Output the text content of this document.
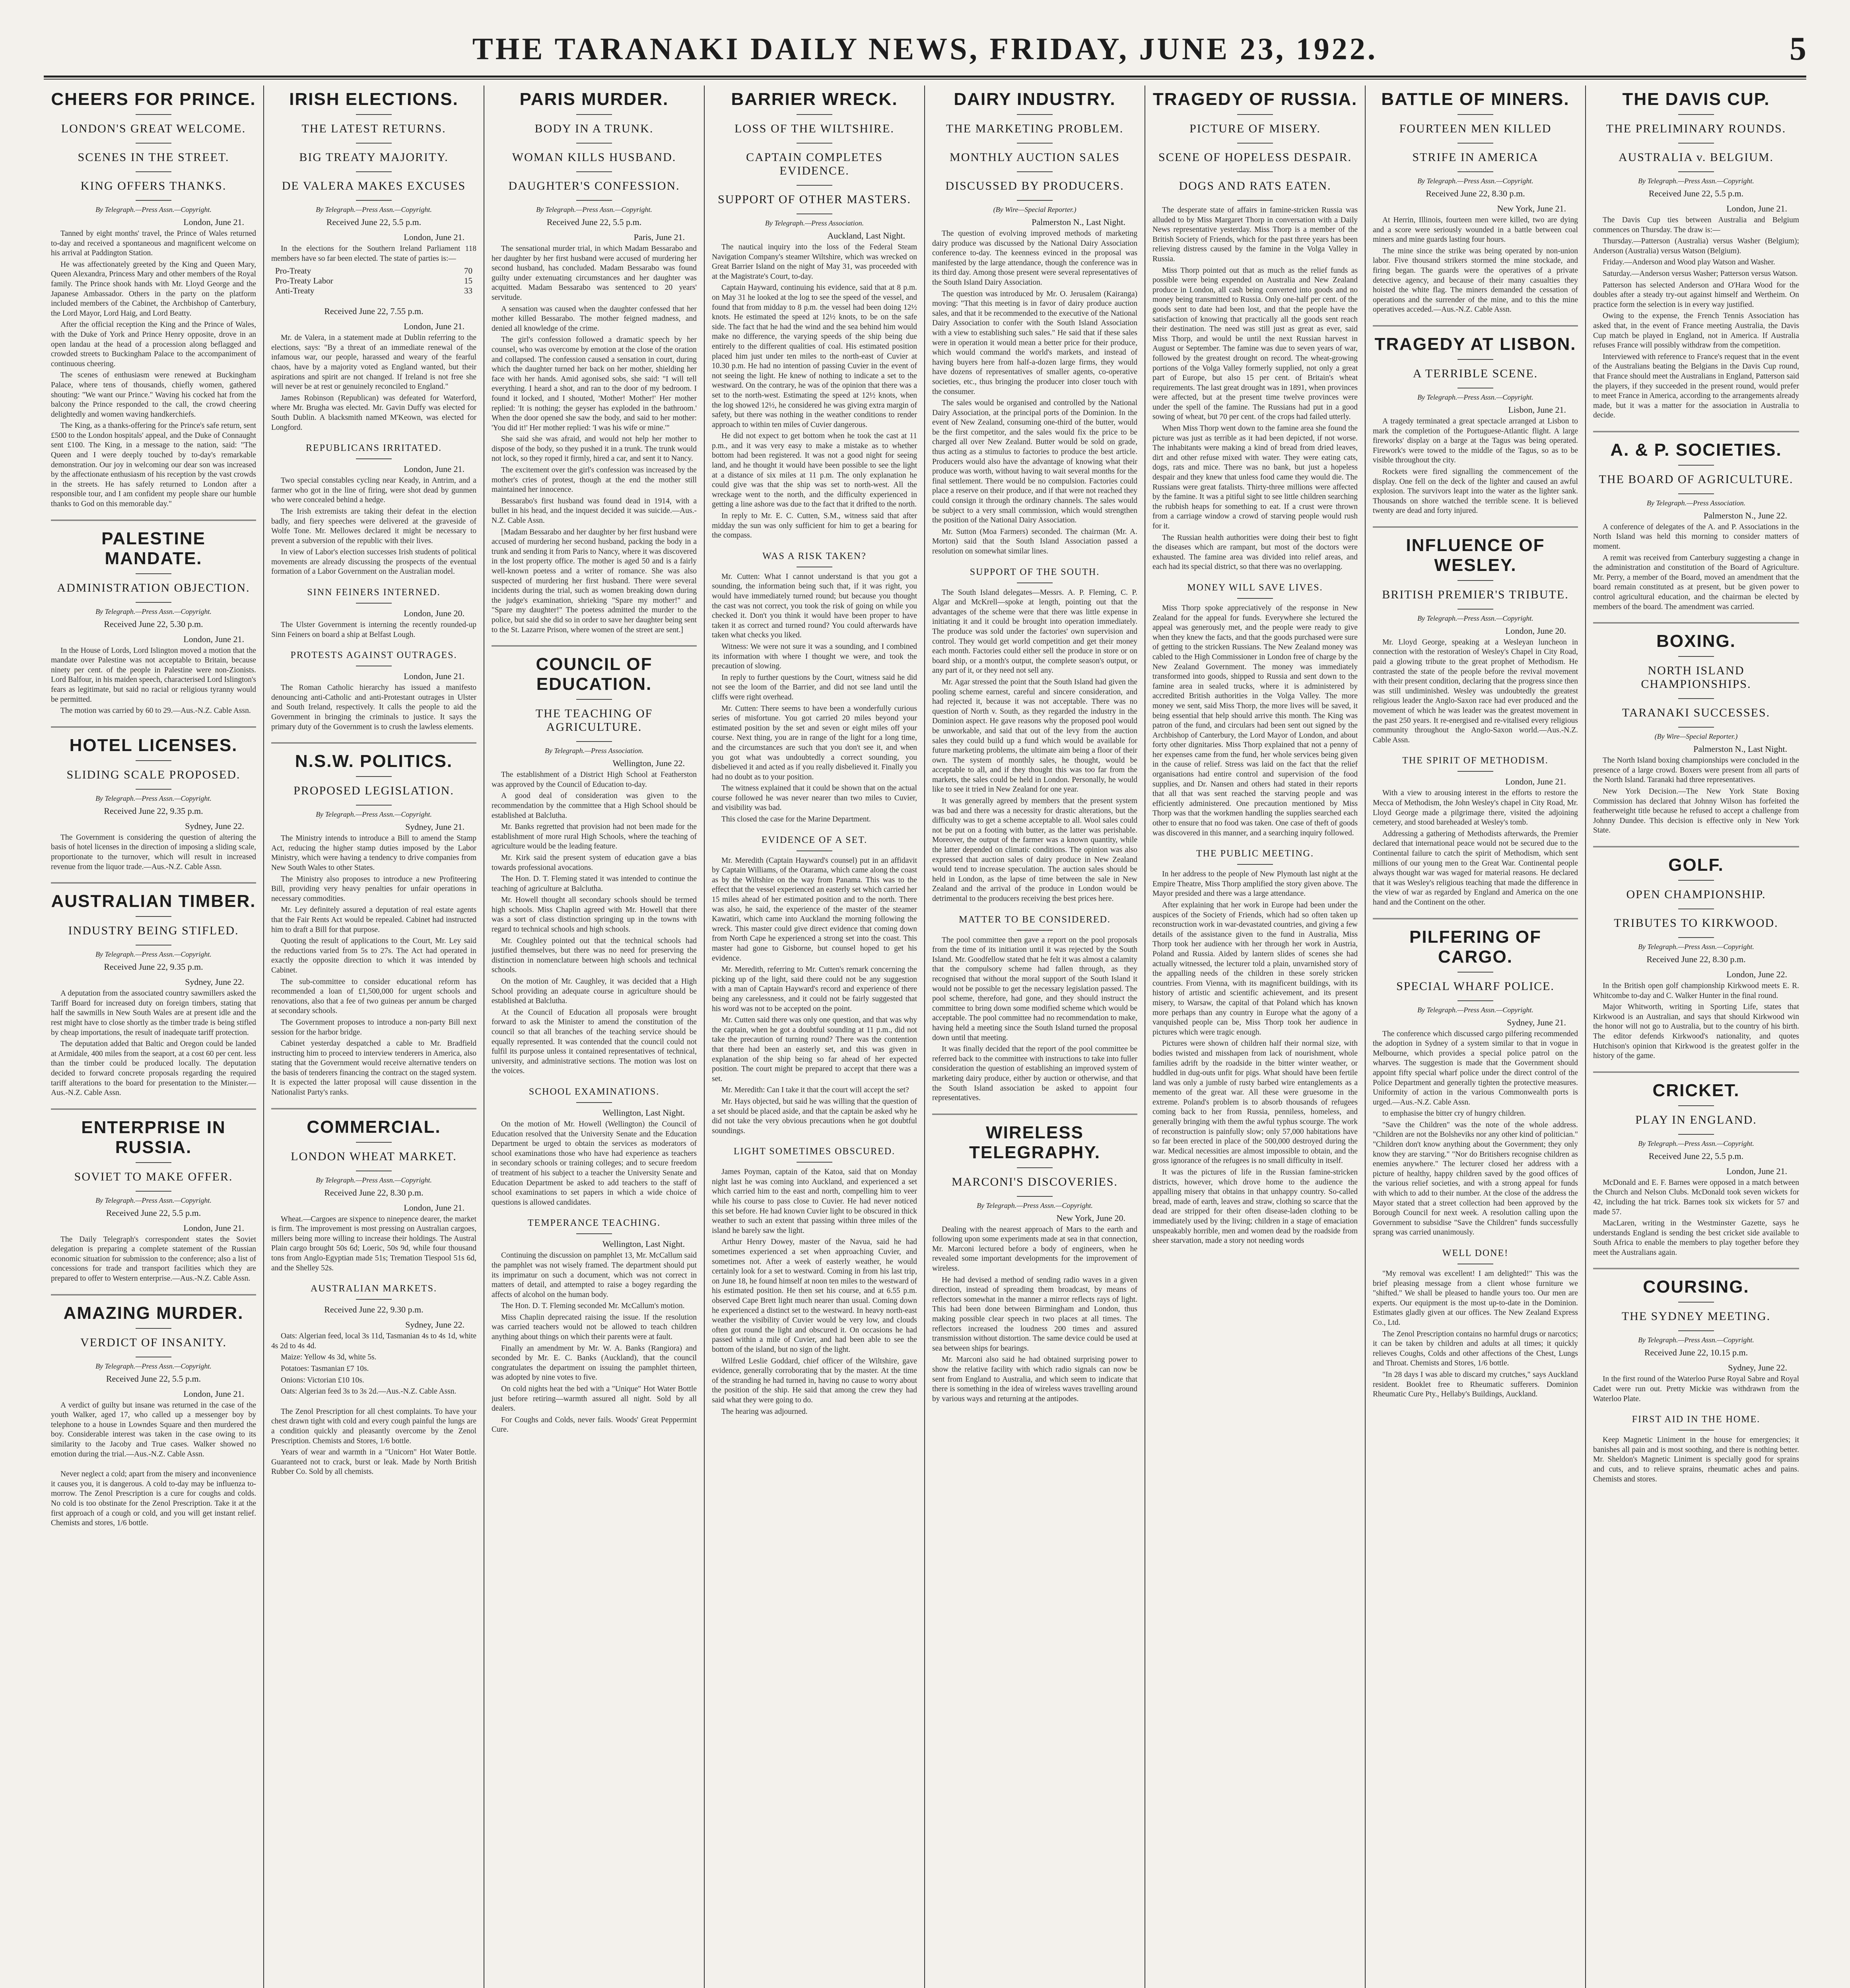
THE TARANAKI DAILY NEWS, FRIDAY, JUNE 23, 1922.	5
CHEERS FOR PRINCE.
LONDON'S GREAT WELCOME.
SCENES IN THE STREET.
KING OFFERS THANKS.
By Telegraph.—Press Assn.—Copyright.
London, June 21.

Tanned by eight months' travel, the Prince of Wales returned to-day and received a spontaneous and magnificent welcome on his arrival at Paddington Station.

He was affectionately greeted by the King and Queen Mary, Queen Alexandra, Princess Mary and other members of the Royal family. The Prince shook hands with Mr. Lloyd George and the Japanese Ambassador. Others in the party on the platform included members of the Cabinet, the Archbishop of Canterbury, the Lord Mayor, Lord Haig, and Lord Beatty.

After the official reception the King and the Prince of Wales, with the Duke of York and Prince Henry opposite, drove in an open landau at the head of a procession along beflagged and crowded streets to Buckingham Palace to the accompaniment of continuous cheering.

The scenes of enthusiasm were renewed at Buckingham Palace, where tens of thousands, chiefly women, gathered shouting: "We want our Prince." Waving his cocked hat from the balcony the Prince responded to the call, the crowd cheering delightedly and women waving handkerchiefs.

The King, as a thanks-offering for the Prince's safe return, sent £500 to the London hospitals' appeal, and the Duke of Connaught sent £100. The King, in a message to the nation, said: "The Queen and I were deeply touched by to-day's remarkable demonstration. Our joy in welcoming our dear son was increased by the affectionate enthusiasm of his reception by the vast crowds in the streets. He has safely returned to London after a responsible tour, and I am confident my people share our humble thanks to God on this memorable day."

PALESTINE MANDATE.
ADMINISTRATION OBJECTION.
By Telegraph.—Press Assn.—Copyright.
Received June 22, 5.30 p.m.
London, June 21.

In the House of Lords, Lord Islington moved a motion that the mandate over Palestine was not acceptable to Britain, because ninety per cent. of the people in Palestine were non-Zionists. Lord Balfour, in his maiden speech, characterised Lord Islington's fears as legitimate, but said no racial or religious tyranny would be permitted.

The motion was carried by 60 to 29.—Aus.-N.Z. Cable Assn.

HOTEL LICENSES.
SLIDING SCALE PROPOSED.
By Telegraph.—Press Assn.—Copyright.
Received June 22, 9.35 p.m.
Sydney, June 22.

The Government is considering the question of altering the basis of hotel licenses in the direction of imposing a sliding scale, proportionate to the turnover, which will result in increased revenue from the liquor trade.—Aus.-N.Z. Cable Assn.

AUSTRALIAN TIMBER.
INDUSTRY BEING STIFLED.
By Telegraph.—Press Assn.—Copyright.
Received June 22, 9.35 p.m.
Sydney, June 22.

A deputation from the associated country sawmillers asked the Tariff Board for increased duty on foreign timbers, stating that half the sawmills in New South Wales are at present idle and the rest might have to close shortly as the timber trade is being stifled by cheap importations, the result of inadequate tariff protection.

The deputation added that Baltic and Oregon could be landed at Armidale, 400 miles from the seaport, at a cost 60 per cent. less than the timber could be produced locally. The deputation decided to forward concrete proposals regarding the required tariff alterations to the board for presentation to the Minister.—Aus.-N.Z. Cable Assn.

ENTERPRISE IN RUSSIA.
SOVIET TO MAKE OFFER.
By Telegraph.—Press Assn.—Copyright.
Received June 22, 5.5 p.m.
London, June 21.

The Daily Telegraph's correspondent states the Soviet delegation is preparing a complete statement of the Russian economic situation for submission to the conference; also a list of concessions for trade and transport facilities which they are prepared to offer to Western enterprise.—Aus.-N.Z. Cable Assn.

AMAZING MURDER.
VERDICT OF INSANITY.
By Telegraph.—Press Assn.—Copyright.
Received June 22, 5.5 p.m.
London, June 21.

A verdict of guilty but insane was returned in the case of the youth Walker, aged 17, who called up a messenger boy by telephone to a house in Lowndes Square and then murdered the boy. Considerable interest was taken in the case owing to its similarity to the Jacoby and True cases. Walker showed no emotion during the trial.—Aus.-N.Z. Cable Assn.

Never neglect a cold; apart from the misery and inconvenience it causes you, it is dangerous. A cold to-day may be influenza to-morrow. The Zenol Prescription is a cure for coughs and colds. No cold is too obstinate for the Zenol Prescription. Take it at the first approach of a cough or cold, and you will get instant relief. Chemists and stores, 1/6 bottle.

IRISH ELECTIONS.
THE LATEST RETURNS.
BIG TREATY MAJORITY.
DE VALERA MAKES EXCUSES
By Telegraph.—Press Assn.—Copyright.
Received June 22, 5.5 p.m.
London, June 21.

In the elections for the Southern Ireland Parliament 118 members have so far been elected. The state of parties is:—

Pro-Treaty	70
Pro-Treaty Labor	15
Anti-Treaty	33
Received June 22, 7.55 p.m.
London, June 21.

Mr. de Valera, in a statement made at Dublin referring to the elections, says: "By a threat of an immediate renewal of the infamous war, our people, harassed and weary of the fearful chaos, have by a majority voted as England wanted, but their aspirations and spirit are not changed. If Ireland is not free she will never be at rest or genuinely reconciled to England."

James Robinson (Republican) was defeated for Waterford, where Mr. Brugha was elected. Mr. Gavin Duffy was elected for South Dublin. A blacksmith named M'Keown, was elected for Longford.

REPUBLICANS IRRITATED.
London, June 21.

Two special constables cycling near Keady, in Antrim, and a farmer who got in the line of firing, were shot dead by gunmen who were concealed behind a hedge.

The Irish extremists are taking their defeat in the election badly, and fiery speeches were delivered at the graveside of Wolfe Tone. Mr. Mellowes declared it might be necessary to prevent a subversion of the republic with their lives.

In view of Labor's election successes Irish students of political movements are already discussing the prospects of the eventual formation of a Labor Government on the Australian model.

SINN FEINERS INTERNED.
London, June 20.

The Ulster Government is interning the recently rounded-up Sinn Feiners on board a ship at Belfast Lough.

PROTESTS AGAINST OUTRAGES.
London, June 21.

The Roman Catholic hierarchy has issued a manifesto denouncing anti-Catholic and anti-Protestant outrages in Ulster and South Ireland, respectively. It calls the people to aid the Government in bringing the criminals to justice. It says the primary duty of the Government is to crush the lawless elements.

N.S.W. POLITICS.
PROPOSED LEGISLATION.
By Telegraph.—Press Assn.—Copyright.
Sydney, June 21.

The Ministry intends to introduce a Bill to amend the Stamp Act, reducing the higher stamp duties imposed by the Labor Ministry, which were having a tendency to drive companies from New South Wales to other States.

The Ministry also proposes to introduce a new Profiteering Bill, providing very heavy penalties for unfair operations in necessary commodities.

Mr. Ley definitely assured a deputation of real estate agents that the Fair Rents Act would be repealed. Cabinet had instructed him to draft a Bill for that purpose.

Quoting the result of applications to the Court, Mr. Ley said the reductions varied from 5s to 27s. The Act had operated in exactly the opposite direction to which it was intended by Cabinet.

The sub-committee to consider educational reform has recommended a loan of £1,500,000 for urgent schools and renovations, also that a fee of two guineas per annum be charged at secondary schools.

The Government proposes to introduce a non-party Bill next session for the harbor bridge.

Cabinet yesterday despatched a cable to Mr. Bradfield instructing him to proceed to interview tenderers in America, also stating that the Government would receive alternative tenders on the basis of tenderers financing the contract on the staged system. It is expected the latter proposal will cause dissention in the Nationalist Party's ranks.

COMMERCIAL.
LONDON WHEAT MARKET.
By Telegraph.—Press Assn.—Copyright.
Received June 22, 8.30 p.m.
London, June 21.

Wheat.—Cargoes are sixpence to ninepence dearer, the market is firm. The improvement is most pressing on Australian cargoes, millers being more willing to increase their holdings. The Austral Plain cargo brought 50s 6d; Loeric, 50s 9d, while four thousand tons from Anglo-Egyptian made 51s; Tremation Tiespool 51s 6d, and the Shelley 52s.

AUSTRALIAN MARKETS.
Received June 22, 9.30 p.m.
Sydney, June 22.

Oats: Algerian feed, local 3s 11d, Tasmanian 4s to 4s 1d, white 4s 2d to 4s 4d.

Maize: Yellow 4s 3d, white 5s.

Potatoes: Tasmanian £7 10s.

Onions: Victorian £10 10s.

Oats: Algerian feed 3s to 3s 2d.—Aus.-N.Z. Cable Assn.

The Zenol Prescription for all chest complaints. To have your chest drawn tight with cold and every cough painful the lungs are a condition quickly and pleasantly overcome by the Zenol Prescription. Chemists and Stores, 1/6 bottle.

Years of wear and warmth in a "Unicorn" Hot Water Bottle. Guaranteed not to crack, burst or leak. Made by North British Rubber Co. Sold by all chemists.

PARIS MURDER.
BODY IN A TRUNK.
WOMAN KILLS HUSBAND.
DAUGHTER'S CONFESSION.
By Telegraph.—Press Assn.—Copyright.
Received June 22, 5.5 p.m.
Paris, June 21.

The sensational murder trial, in which Madam Bessarabo and her daughter by her first husband were accused of murdering her second husband, has concluded. Madam Bessarabo was found guilty under extenuating circumstances and her daughter was acquitted. Madam Bessarabo was sentenced to 20 years' servitude.

A sensation was caused when the daughter confessed that her mother killed Bessarabo. The mother feigned madness, and denied all knowledge of the crime.

The girl's confession followed a dramatic speech by her counsel, who was overcome by emotion at the close of the oration and collapsed. The confession caused a sensation in court, during which the daughter turned her back on her mother, shielding her face with her hands. Amid agonised sobs, she said: "I will tell everything. I heard a shot, and ran to the door of my bedroom. I found it locked, and I shouted, 'Mother! Mother!' Her mother replied: 'It is nothing; the geyser has exploded in the bathroom.' When the door opened she saw the body, and said to her mother: 'You did it!' Her mother replied: 'I was his wife or mine.'"

She said she was afraid, and would not help her mother to dispose of the body, so they pushed it in a trunk. The trunk would not lock, so they roped it firmly, hired a car, and sent it to Nancy.

The excitement over the girl's confession was increased by the mother's cries of protest, though at the end the mother still maintained her innocence.

Bessarabo's first husband was found dead in 1914, with a bullet in his head, and the inquest decided it was suicide.—Aus.-N.Z. Cable Assn.

[Madam Bessarabo and her daughter by her first husband were accused of murdering her second husband, packing the body in a trunk and sending it from Paris to Nancy, where it was discovered in the lost property office. The mother is aged 50 and is a fairly well-known poetess and a writer of romance. She was also suspected of murdering her first husband. There were several incidents during the trial, such as women breaking down during the judge's examination, shrieking "Spare my mother!" and "Spare my daughter!" The poetess admitted the murder to the police, but said she did so in order to save her daughter being sent to the St. Lazarre Prison, where women of the street are sent.]

COUNCIL OF EDUCATION.
THE TEACHING OF AGRICULTURE.
By Telegraph.—Press Association.
Wellington, June 22.

The establishment of a District High School at Featherston was approved by the Council of Education to-day.

A good deal of consideration was given to the recommendation by the committee that a High School should be established at Balclutha.

Mr. Banks regretted that provision had not been made for the establishment of more rural High Schools, where the teaching of agriculture would be the leading feature.

Mr. Kirk said the present system of education gave a bias towards professional avocations.

The Hon. D. T. Fleming stated it was intended to continue the teaching of agriculture at Balclutha.

Mr. Howell thought all secondary schools should be termed high schools. Miss Chaplin agreed with Mr. Howell that there was a sort of class distinction springing up in the towns with regard to technical schools and high schools.

Mr. Coughley pointed out that the technical schools had justified themselves, but there was no need for preserving the distinction in nomenclature between high schools and technical schools.

On the motion of Mr. Caughley, it was decided that a High School providing an adequate course in agriculture should be established at Balclutha.

At the Council of Education all proposals were brought forward to ask the Minister to amend the constitution of the council so that all branches of the teaching service should be equally represented. It was contended that the council could not fulfil its purpose unless it contained representatives of technical, university, and administrative sections. The motion was lost on the voices.

SCHOOL EXAMINATIONS.
Wellington, Last Night.

On the motion of Mr. Howell (Wellington) the Council of Education resolved that the University Senate and the Education Department be urged to obtain the services as moderators of school examinations those who have had experience as teachers in secondary schools or training colleges; and to secure freedom of treatment of his subject to a teacher the University Senate and Education Department be asked to add teachers to the staff of school examinations to set papers in which a wide choice of questions is allowed candidates.

TEMPERANCE TEACHING.
Wellington, Last Night.

Continuing the discussion on pamphlet 13, Mr. McCallum said the pamphlet was not wisely framed. The department should put its imprimatur on such a document, which was not correct in matters of detail, and attempted to raise a bogey regarding the affects of alcohol on the human body.

The Hon. D. T. Fleming seconded Mr. McCallum's motion.

Miss Chaplin deprecated raising the issue. If the resolution was carried teachers would not be allowed to teach children anything about things on which their parents were at fault.

Finally an amendment by Mr. W. A. Banks (Rangiora) and seconded by Mr. E. C. Banks (Auckland), that the council congratulates the department on issuing the pamphlet thirteen, was adopted by nine votes to five.

On cold nights heat the bed with a "Unique" Hot Water Bottle just before retiring—warmth assured all night. Sold by all dealers.

For Coughs and Colds, never fails. Woods' Great Peppermint Cure.

BARRIER WRECK.
LOSS OF THE WILTSHIRE.
CAPTAIN COMPLETES EVIDENCE.
SUPPORT OF OTHER MASTERS.
By Telegraph.—Press Association.
Auckland, Last Night.

The nautical inquiry into the loss of the Federal Steam Navigation Company's steamer Wiltshire, which was wrecked on Great Barrier Island on the night of May 31, was proceeded with at the Magistrate's Court, to-day.

Captain Hayward, continuing his evidence, said that at 8 p.m. on May 31 he looked at the log to see the speed of the vessel, and found that from midday to 8 p.m. the vessel had been doing 12½ knots. He estimated the speed at 12½ knots, to be on the safe side. The fact that he had the wind and the sea behind him would make no difference, the varying speeds of the ship being due entirely to the different qualities of coal. His estimated position placed him just under ten miles to the north-east of Cuvier at 10.30 p.m. He had no intention of passing Cuvier in the event of not seeing the light. He knew of nothing to indicate a set to the westward. On the contrary, he was of the opinion that there was a set to the north-west. Estimating the speed at 12½ knots, when the log showed 12½, he considered he was giving extra margin of safety, but there was nothing in the weather conditions to render approach to within ten miles of Cuvier dangerous.

He did not expect to get bottom when he took the cast at 11 p.m., and it was very easy to make a mistake as to whether bottom had been registered. It was not a good night for seeing land, and he thought it would have been possible to see the light at a distance of six miles at 11 p.m. The only explanation he could give was that the ship was set to north-west. All the wreckage went to the north, and the difficulty experienced in getting a line ashore was due to the fact that it drifted to the north.

In reply to Mr. E. C. Cutten, S.M., witness said that after midday the sun was only sufficient for him to get a bearing for the compass.

WAS A RISK TAKEN?

Mr. Cutten: What I cannot understand is that you got a sounding, the information being such that, if it was right, you would have immediately turned round; but because you thought the cast was not correct, you took the risk of going on while you checked it. Don't you think it would have been proper to have taken it as correct and turned round? You could afterwards have taken what checks you liked.

Witness: We were not sure it was a sounding, and I combined its information with where I thought we were, and took the precaution of slowing.

In reply to further questions by the Court, witness said he did not see the loom of the Barrier, and did not see land until the cliffs were right overhead.

Mr. Cutten: There seems to have been a wonderfully curious series of misfortune. You got carried 20 miles beyond your estimated position by the set and seven or eight miles off your course. Next thing, you are in range of the light for a long time, and the circumstances are such that you don't see it, and when you got what was undoubtedly a correct sounding, you disbelieved it and acted as if you really disbelieved it. Finally you had no doubt as to your position.

The witness explained that it could be shown that on the actual course followed he was never nearer than two miles to Cuvier, and visibility was bad.

This closed the case for the Marine Department.

EVIDENCE OF A SET.

Mr. Meredith (Captain Hayward's counsel) put in an affidavit by Captain Williams, of the Otarama, which came along the coast as by the Wiltshire on the way from Panama. This was to the effect that the vessel experienced an easterly set which carried her 15 miles ahead of her estimated position and to the north. There was also, he said, the experience of the master of the steamer Kawatiri, which came into Auckland the morning following the wreck. This master could give direct evidence that coming down from North Cape he experienced a strong set into the coast. This master had gone to Gisborne, but counsel hoped to get his evidence.

Mr. Meredith, referring to Mr. Cutten's remark concerning the picking up of the light, said there could not be any suggestion with a man of Captain Hayward's record and experience of there being any carelessness, and it could not be fairly suggested that his word was not to be accepted on the point.

Mr. Cutten said there was only one question, and that was why the captain, when he got a doubtful sounding at 11 p.m., did not take the precaution of turning round? There was the contention that there had been an easterly set, and this was given in explanation of the ship being so far ahead of her expected position. The court might be prepared to accept that there was a set.

Mr. Meredith: Can I take it that the court will accept the set?

Mr. Hays objected, but said he was willing that the question of a set should be placed aside, and that the captain be asked why he did not take the very obvious precautions when he got doubtful soundings.

LIGHT SOMETIMES OBSCURED.

James Poyman, captain of the Katoa, said that on Monday night last he was coming into Auckland, and experienced a set which carried him to the east and north, compelling him to veer while his course to pass close to Cuvier. He had never noticed this set before. He had known Cuvier light to be obscured in thick weather to such an extent that passing within three miles of the island he barely saw the light.

Arthur Henry Dowey, master of the Navua, said he had sometimes experienced a set when approaching Cuvier, and sometimes not. After a week of easterly weather, he would certainly look for a set to westward. Coming in from his last trip, on June 18, he found himself at noon ten miles to the westward of his estimated position. He then set his course, and at 6.55 p.m. observed Cape Brett light much nearer than usual. Coming down he experienced a distinct set to the westward. In heavy north-east weather the visibility of Cuvier would be very low, and clouds often got round the light and obscured it. On occasions he had passed within a mile of Cuvier, and had been able to see the bottom of the island, but no sign of the light.

Wilfred Leslie Goddard, chief officer of the Wiltshire, gave evidence, generally corroborating that by the master. At the time of the stranding he had turned in, having no cause to worry about the position of the ship. He said that among the crew they had said what they were going to do.

The hearing was adjourned.

DAIRY INDUSTRY.
THE MARKETING PROBLEM.
MONTHLY AUCTION SALES
DISCUSSED BY PRODUCERS.
(By Wire—Special Reporter.)
Palmerston N., Last Night.

The question of evolving improved methods of marketing dairy produce was discussed by the National Dairy Association conference to-day. The keenness evinced in the proposal was manifested by the large attendance, though the conference was in its third day. Among those present were several representatives of the South Island Dairy Association.

The question was introduced by Mr. O. Jerusalem (Kairanga) moving: "That this meeting is in favor of dairy produce auction sales, and that it be recommended to the executive of the National Dairy Association to confer with the South Island Association with a view to establishing such sales." He said that if these sales were in operation it would mean a better price for their produce, which would command the world's markets, and instead of having buyers here from half-a-dozen large firms, they would have dozens of representatives of smaller agents, co-operative societies, etc., thus bringing the producer into closer touch with the consumer.

The sales would be organised and controlled by the National Dairy Association, at the principal ports of the Dominion. In the event of New Zealand, consuming one-third of the butter, would be the first competitor, and the sales would fix the price to be charged all over New Zealand. Butter would be sold on grade, thus acting as a stimulus to factories to produce the best article. Producers would also have the advantage of knowing what their produce was worth, without having to wait several months for the final settlement. There would be no compulsion. Factories could place a reserve on their produce, and if that were not reached they could consign it through the ordinary channels. The sales would be subject to a very small commission, which would strengthen the position of the National Dairy Association.

Mr. Sutton (Moa Farmers) seconded. The chairman (Mr. A. Morton) said that the South Island Association passed a resolution on somewhat similar lines.

SUPPORT OF THE SOUTH.

The South Island delegates—Messrs. A. P. Fleming, C. P. Algar and McKrell—spoke at length, pointing out that the advantages of the scheme were that there was little expense in initiating it and it could be brought into operation immediately. The produce was sold under the factories' own supervision and control. They would get world competition and get their money each month. Factories could either sell the produce in store or on board ship, or a month's output, the complete season's output, or any part of it, or they need not sell any.

Mr. Agar stressed the point that the South Island had given the pooling scheme earnest, careful and sincere consideration, and had rejected it, because it was not acceptable. There was no question of North v. South, as they regarded the industry in the Dominion aspect. He gave reasons why the proposed pool would be unworkable, and said that out of the levy from the auction sales they could build up a fund which would be available for future marketing problems, the ultimate aim being a floor of their own. The system of monthly sales, he thought, would be acceptable to all, and if they thought this was too far from the markets, the sales could be held in London. Personally, he would like to see it tried in New Zealand for one year.

It was generally agreed by members that the present system was bad and there was a necessity for drastic alterations, but the difficulty was to get a scheme acceptable to all. Wool sales could not be put on a footing with butter, as the latter was perishable. Moreover, the output of the farmer was a known quantity, while the latter depended on climatic conditions. The opinion was also expressed that auction sales of dairy produce in New Zealand would tend to increase speculation. The auction sales should be held in London, as the lapse of time between the sale in New Zealand and the arrival of the produce in London would be detrimental to the producers receiving the best prices here.

MATTER TO BE CONSIDERED.

The pool committee then gave a report on the pool proposals from the time of its initiation until it was rejected by the South Island. Mr. Goodfellow stated that he felt it was almost a calamity that the compulsory scheme had fallen through, as they recognised that without the moral support of the South Island it would not be possible to get the necessary legislation passed. The pool scheme, therefore, had gone, and they should instruct the committee to bring down some modified scheme which would be acceptable. The pool committee had no recommendation to make, having held a meeting since the South Island turned the proposal down until that meeting.

It was finally decided that the report of the pool committee be referred back to the committee with instructions to take into fuller consideration the question of establishing an improved system of marketing dairy produce, either by auction or otherwise, and that the South Island association be asked to appoint four representatives.

WIRELESS TELEGRAPHY.
MARCONI'S DISCOVERIES.
By Telegraph.—Press Assn.—Copyright.
New York, June 20.

Dealing with the nearest approach of Mars to the earth and following upon some experiments made at sea in that connection, Mr. Marconi lectured before a body of engineers, when he revealed some important developments for the improvement of wireless.

He had devised a method of sending radio waves in a given direction, instead of spreading them broadcast, by means of reflectors somewhat in the manner a mirror reflects rays of light. This had been done between Birmingham and London, thus making possible clear speech in two places at all times. The reflectors increased the loudness 200 times and assured transmission without distortion. The same device could be used at sea between ships for bearings.

Mr. Marconi also said he had obtained surprising power to show the relative facility with which radio signals can now be sent from England to Australia, and which seem to indicate that there is something in the idea of wireless waves travelling around by various ways and returning at the antipodes.

TRAGEDY OF RUSSIA.
PICTURE OF MISERY.
SCENE OF HOPELESS DESPAIR.
DOGS AND RATS EATEN.

The desperate state of affairs in famine-stricken Russia was alluded to by Miss Margaret Thorp in conversation with a Daily News representative yesterday. Miss Thorp is a member of the British Society of Friends, which for the past three years has been relieving distress caused by the famine in the Volga Valley in Russia.

Miss Thorp pointed out that as much as the relief funds as possible were being expended on Australia and New Zealand produce in London, all cash being converted into goods and no money being transmitted to Russia. Only one-half per cent. of the goods sent to date had been lost, and that the people have the satisfaction of knowing that practically all the goods sent reach their destination. The need was still just as great as ever, said Miss Thorp, and would be until the next Russian harvest in August or September. The famine was due to seven years of war, followed by the greatest drought on record. The wheat-growing portions of the Volga Valley formerly supplied, not only a great part of Europe, but also 15 per cent. of Britain's wheat requirements. The last great drought was in 1891, when provinces were affected, but at the present time twelve provinces were under the spell of the famine. The Russians had put in a good sowing of wheat, but 70 per cent. of the crops had failed utterly.

When Miss Thorp went down to the famine area she found the picture was just as terrible as it had been depicted, if not worse. The inhabitants were making a kind of bread from dried leaves, dirt and other refuse mixed with water. They were eating cats, dogs, rats and mice. There was no bank, but just a hopeless despair and they knew that unless food came they would die. The Russians were great fatalists. Thirty-three millions were affected by the famine. It was a pitiful sight to see little children searching the rubbish heaps for something to eat. If a crust were thrown from a carriage window a crowd of starving people would rush for it.

The Russian health authorities were doing their best to fight the diseases which are rampant, but most of the doctors were exhausted. The famine area was divided into relief areas, and each had its special district, so that there was no overlapping.

MONEY WILL SAVE LIVES.

Miss Thorp spoke appreciatively of the response in New Zealand for the appeal for funds. Everywhere she lectured the appeal was generously met, and the people were ready to give when they knew the facts, and that the goods purchased were sure of getting to the stricken Russians. The New Zealand money was cabled to the High Commissioner in London free of charge by the New Zealand Government. The money was immediately transformed into goods, shipped to Russia and sent down to the famine area in sealed trucks, where it is administered by accredited British authorities in the Volga Valley. The more money we sent, said Miss Thorp, the more lives will be saved, it being essential that help should arrive this month. The King was patron of the fund, and circulars had been sent out signed by the Archbishop of Canterbury, the Lord Mayor of London, and about forty other dignitaries. Miss Thorp explained that not a penny of her expenses came from the fund, her whole services being given in the cause of relief. Stress was laid on the fact that the relief organisations had entire control and supervision of the food supplies, and Dr. Nansen and others had stated in their reports that all that was sent reached the starving people and was efficiently administered. One precaution mentioned by Miss Thorp was that the workmen handling the supplies searched each other to ensure that no food was taken. One case of theft of goods was discovered in this manner, and a searching inquiry followed.

THE PUBLIC MEETING.

In her address to the people of New Plymouth last night at the Empire Theatre, Miss Thorp amplified the story given above. The Mayor presided and there was a large attendance.

After explaining that her work in Europe had been under the auspices of the Society of Friends, which had so often taken up reconstruction work in war-devastated countries, and giving a few details of the assistance given to the fund in Australia, Miss Thorp took her audience with her through her work in Austria, Poland and Russia. Aided by lantern slides of scenes she had actually witnessed, the lecturer told a plain, unvarnished story of the appalling needs of the children in these sorely stricken countries. From Vienna, with its magnificent buildings, with its history of artistic and scientific achievement, and its present misery, to Warsaw, the capital of that Poland which has known more perhaps than any country in Europe what the agony of a vanquished people can be, Miss Thorp took her audience in pictures which were tragic enough.

Pictures were shown of children half their normal size, with bodies twisted and misshapen from lack of nourishment, whole families adrift by the roadside in the bitter winter weather, or huddled in dug-outs unfit for pigs. What should have been fertile land was only a jumble of rusty barbed wire entanglements as a memento of the great war. All these were gruesome in the extreme. Poland's problem is to absorb thousands of refugees coming back to her from Russia, penniless, homeless, and generally bringing with them the awful typhus scourge. The work of reconstruction is painfully slow; only 57,000 habitations have so far been erected in place of the 500,000 destroyed during the war. Medical necessities are almost impossible to obtain, and the gross ignorance of the refugees is no small difficulty in itself.

It was the pictures of life in the Russian famine-stricken districts, however, which drove home to the audience the appalling misery that obtains in that unhappy country. So-called bread, made of earth, leaves and straw, clothing so scarce that the dead are stripped for their often disease-laden clothing to be immediately used by the living; children in a stage of emaciation unspeakably horrible, men and women dead by the roadside from sheer starvation, made a story not needing words

BATTLE OF MINERS.
FOURTEEN MEN KILLED
STRIFE IN AMERICA
By Telegraph.—Press Assn.—Copyright.
Received June 22, 8.30 p.m.
New York, June 21.

At Herrin, Illinois, fourteen men were killed, two are dying and a score were seriously wounded in a battle between coal miners and mine guards lasting four hours.

The mine since the strike was being operated by non-union labor. Five thousand strikers stormed the mine stockade, and firing began. The guards were the operatives of a private detective agency, and because of their many casualties they hoisted the white flag. The miners demanded the cessation of operations and the surrender of the mine, and to this the mine operatives acceded.—Aus.-N.Z. Cable Assn.

TRAGEDY AT LISBON.
A TERRIBLE SCENE.
By Telegraph.—Press Assn.—Copyright.
Lisbon, June 21.

A tragedy terminated a great spectacle arranged at Lisbon to mark the completion of the Portuguese-Atlantic flight. A large fireworks' display on a barge at the Tagus was being operated. Firework's were towed to the middle of the Tagus, so as to be visible throughout the city.

Rockets were fired signalling the commencement of the display. One fell on the deck of the lighter and caused an awful explosion. The survivors leapt into the water as the lighter sank. Thousands on shore watched the terrible scene. It is believed twenty are dead and forty injured.

INFLUENCE OF WESLEY.
BRITISH PREMIER'S TRIBUTE.
By Telegraph.—Press Assn.—Copyright.
London, June 20.

Mr. Lloyd George, speaking at a Wesleyan luncheon in connection with the restoration of Wesley's Chapel in City Road, paid a glowing tribute to the great prophet of Methodism. He contrasted the state of the people before the revival movement with their present condition, declaring that the progress since then was still undiminished. Wesley was undoubtedly the greatest religious leader the Anglo-Saxon race had ever produced and the movement of which he was leader was the greatest movement in the past 250 years. It re-energised and re-vitalised every religious community throughout the Anglo-Saxon world.—Aus.-N.Z. Cable Assn.

THE SPIRIT OF METHODISM.
London, June 21.

With a view to arousing interest in the efforts to restore the Mecca of Methodism, the John Wesley's chapel in City Road, Mr. Lloyd George made a pilgrimage there, visited the adjoining cemetery, and stood bareheaded at Wesley's tomb.

Addressing a gathering of Methodists afterwards, the Premier declared that international peace would not be secured due to the Continental failure to catch the spirit of Methodism, which sent millions of our young men to the Great War. Continental people always thought war was waged for material reasons. He declared that it was Wesley's religious teaching that made the difference in the view of war as regarded by England and America on the one hand and the Continent on the other.

PILFERING OF CARGO.
SPECIAL WHARF POLICE.
By Telegraph.—Press Assn.—Copyright.
Sydney, June 21.

The conference which discussed cargo pilfering recommended the adoption in Sydney of a system similar to that in vogue in Melbourne, which provides a special police patrol on the wharves. The suggestion is made that the Government should appoint fifty special wharf police under the direct control of the Police Department and generally tighten the protective measures. Uniformity of action in the various Commonwealth ports is urged.—Aus.-N.Z. Cable Assn.

to emphasise the bitter cry of hungry children.

"Save the Children" was the note of the whole address. "Children are not the Bolsheviks nor any other kind of politician." "Children don't know anything about the Government; they only know they are starving." "Nor do Britishers recognise children as enemies anywhere." The lecturer closed her address with a picture of healthy, happy children saved by the good offices of the various relief societies, and with a strong appeal for funds with which to add to their number. At the close of the address the Mayor stated that a street collection had been approved by the Borough Council for next week. A resolution calling upon the Government to subsidise "Save the Children" funds successfully sprang was carried unanimously.

WELL DONE!

"My removal was excellent! I am delighted!" This was the brief pleasing message from a client whose furniture we "shifted." We shall be pleased to handle yours too. Our men are experts. Our equipment is the most up-to-date in the Dominion. Estimates gladly given at our offices. The New Zealand Express Co., Ltd.

The Zenol Prescription contains no harmful drugs or narcotics; it can be taken by children and adults at all times; it quickly relieves Coughs, Colds and other affections of the Chest, Lungs and Throat. Chemists and Stores, 1/6 bottle.

"In 28 days I was able to discard my crutches," says Auckland resident. Booklet free to Rheumatic sufferers. Dominion Rheumatic Cure Pty., Hellaby's Buildings, Auckland.

THE DAVIS CUP.
THE PRELIMINARY ROUNDS.
AUSTRALIA v. BELGIUM.
By Telegraph.—Press Assn.—Copyright.
Received June 22, 5.5 p.m.
London, June 21.

The Davis Cup ties between Australia and Belgium commences on Thursday. The draw is:—

Thursday.—Patterson (Australia) versus Washer (Belgium); Anderson (Australia) versus Watson (Belgium).

Friday.—Anderson and Wood play Watson and Washer.

Saturday.—Anderson versus Washer; Patterson versus Watson.

Patterson has selected Anderson and O'Hara Wood for the doubles after a steady try-out against himself and Wertheim. On practice form the selection is in every way justified.

Owing to the expense, the French Tennis Association has asked that, in the event of France meeting Australia, the Davis Cup match be played in England, not in America. If Australia refuses France will possibly withdraw from the competition.

Interviewed with reference to France's request that in the event of the Australians beating the Belgians in the Davis Cup round, that France should meet the Australians in England, Patterson said the players, if they succeeded in the present round, would prefer to meet France in America, according to the arrangements already made, but it was a matter for the association in Australia to decide.

A. & P. SOCIETIES.
THE BOARD OF AGRICULTURE.
By Telegraph.—Press Association.
Palmerston N., June 22.

A conference of delegates of the A. and P. Associations in the North Island was held this morning to consider matters of moment.

A remit was received from Canterbury suggesting a change in the administration and constitution of the Board of Agriculture. Mr. Perry, a member of the Board, moved an amendment that the board remain constituted as at present, but be given power to control agricultural education, and the chairman be elected by members of the board. The amendment was carried.

BOXING.
NORTH ISLAND CHAMPIONSHIPS.
TARANAKI SUCCESSES.
(By Wire—Special Reporter.)
Palmerston N., Last Night.

The North Island boxing championships were concluded in the presence of a large crowd. Boxers were present from all parts of the North Island. Taranaki had three representatives.

New York Decision.—The New York State Boxing Commission has declared that Johnny Wilson has forfeited the featherweight title because he refused to accept a challenge from Johnny Dundee. This decision is effective only in New York State.

GOLF.
OPEN CHAMPIONSHIP.
TRIBUTES TO KIRKWOOD.
By Telegraph.—Press Assn.—Copyright.
Received June 22, 8.30 p.m.
London, June 22.

In the British open golf championship Kirkwood meets E. R. Whitcombe to-day and C. Walker Hunter in the final round.

Major Whitworth, writing in Sporting Life, states that Kirkwood is an Australian, and says that should Kirkwood win the honor will not go to Australia, but to the country of his birth. The editor defends Kirkwood's nationality, and quotes Hutchison's opinion that Kirkwood is the greatest golfer in the history of the game.

CRICKET.
PLAY IN ENGLAND.
By Telegraph.—Press Assn.—Copyright.
Received June 22, 5.5 p.m.
London, June 21.

McDonald and E. F. Barnes were opposed in a match between the Church and Nelson Clubs. McDonald took seven wickets for 42, including the hat trick. Barnes took six wickets for 57 and made 57.

MacLaren, writing in the Westminster Gazette, says he understands England is sending the best cricket side available to South Africa to enable the members to play together before they meet the Australians again.

COURSING.
THE SYDNEY MEETING.
By Telegraph.—Press Assn.—Copyright.
Received June 22, 10.15 p.m.
Sydney, June 22.

In the first round of the Waterloo Purse Royal Sabre and Royal Cadet were run out. Pretty Mickie was withdrawn from the Waterloo Plate.

FIRST AID IN THE HOME.

Keep Magnetic Liniment in the house for emergencies; it banishes all pain and is most soothing, and there is nothing better. Mr. Sheldon's Magnetic Liniment is specially good for sprains and cuts, and to relieve sprains, rheumatic aches and pains. Chemists and stores.
